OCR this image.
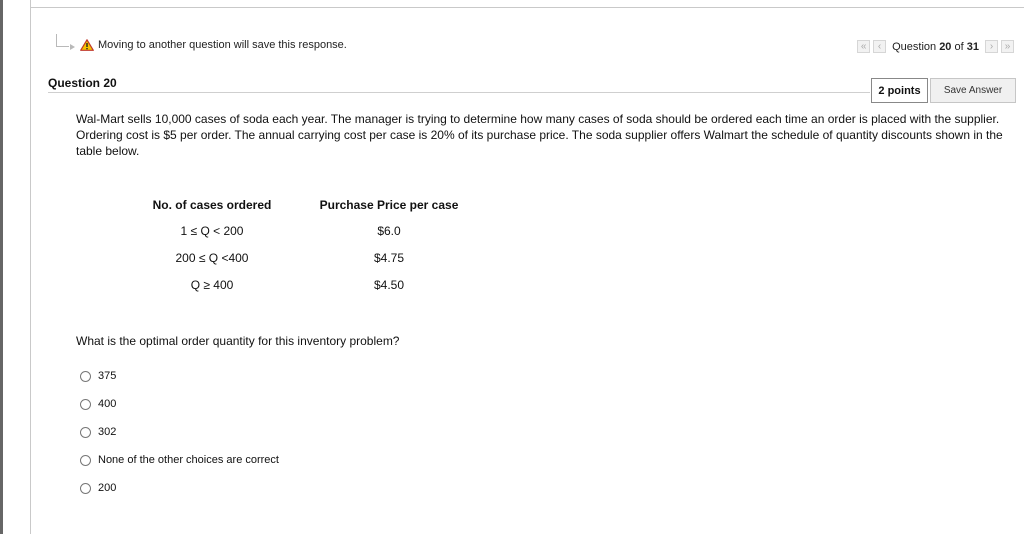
Moving to another question will save this response.	«	‹ Question 20 of 31	›	»
Question 20
2 points	Save Answer
Wal-Mart sells 10,000 cases of soda each year. The manager is trying to determine how many cases of soda should be ordered each time an order is placed with the supplier. Ordering cost is $5 per order. The annual carrying cost per case is 20% of its purchase price. The soda supplier offers Walmart the schedule of quantity discounts shown in the table below.
No. of cases ordered	Purchase Price per case
1 ≤ Q < 200	$6.0
200 ≤ Q <400	$4.75
Q ≥ 400	$4.50
What is the optimal order quantity for this inventory problem?
375
400
302
None of the other choices are correct
200
